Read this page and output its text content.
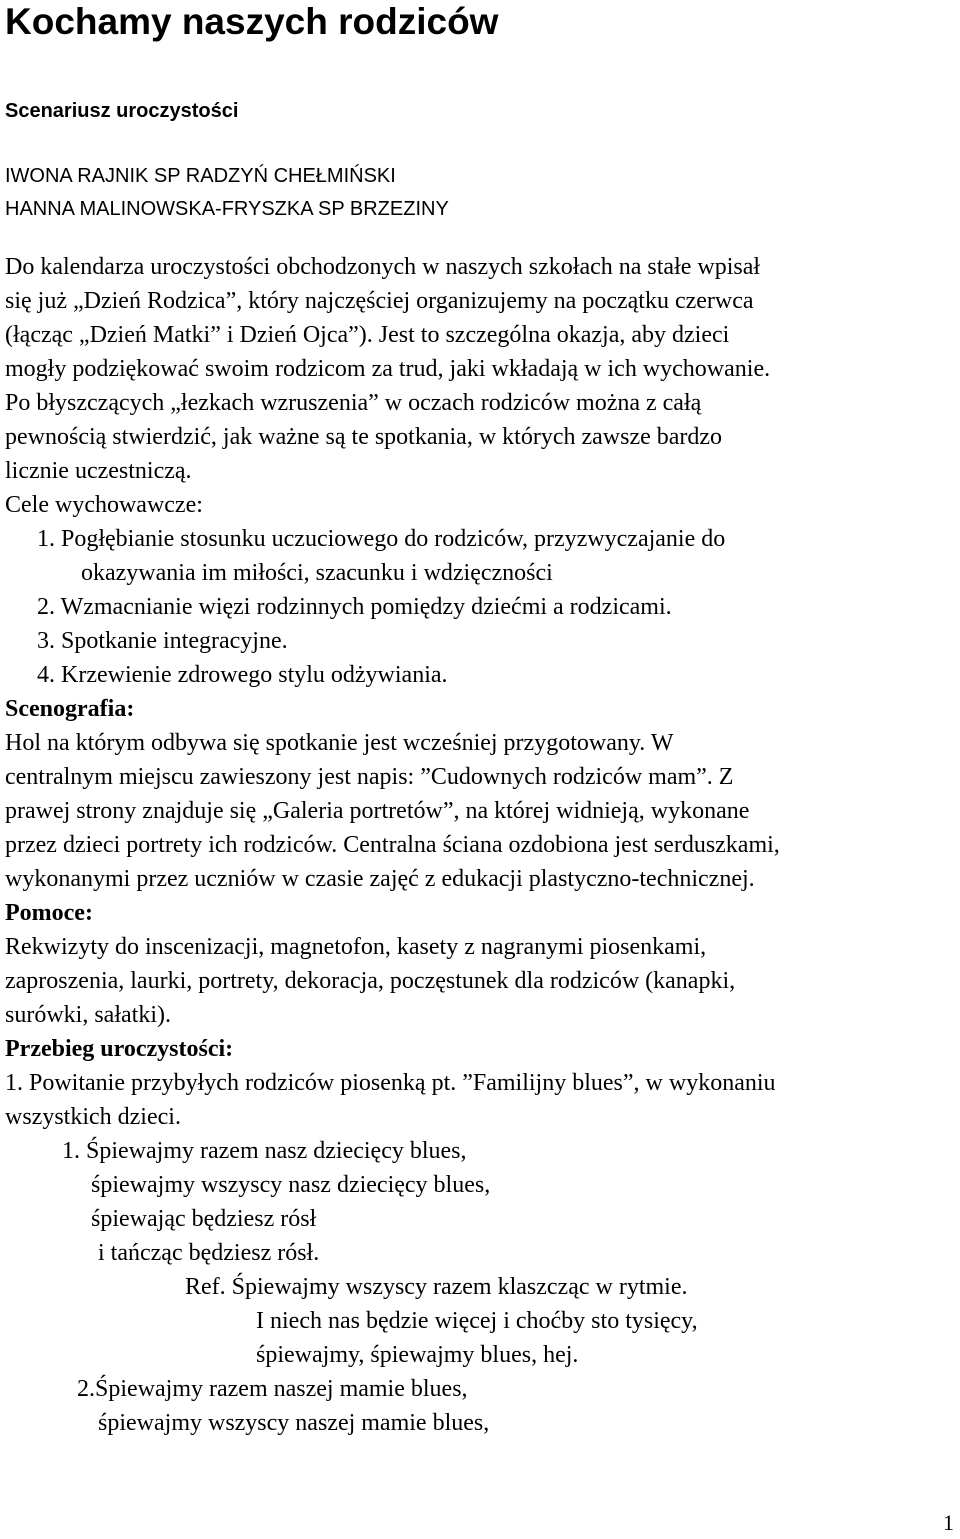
Kochamy naszych rodziców
Scenariusz uroczystości
IWONA RAJNIK SP RADZYŃ CHEŁMIŃSKI
HANNA MALINOWSKA-FRYSZKA SP BRZEZINY
Do kalendarza uroczystości obchodzonych w naszych szkołach na stałe wpisał
się już „Dzień Rodzica”, który najczęściej organizujemy na początku czerwca
(łącząc „Dzień Matki” i Dzień Ojca”). Jest to szczególna okazja, aby dzieci
mogły podziękować swoim rodzicom za trud, jaki wkładają w ich wychowanie.
Po błyszczących „łezkach wzruszenia” w oczach rodziców można z całą
pewnością stwierdzić, jak ważne są te spotkania, w których zawsze bardzo
licznie uczestniczą.
Cele wychowawcze:
1. Pogłębianie stosunku uczuciowego do rodziców, przyzwyczajanie do
okazywania im miłości, szacunku i wdzięczności
2. Wzmacnianie więzi rodzinnych pomiędzy dziećmi a rodzicami.
3. Spotkanie integracyjne.
4. Krzewienie zdrowego stylu odżywiania.
Scenografia:
Hol na którym odbywa się spotkanie jest wcześniej przygotowany. W
centralnym miejscu zawieszony jest napis: ”Cudownych rodziców mam”. Z
prawej strony znajduje się „Galeria portretów”, na której widnieją, wykonane
przez dzieci portrety ich rodziców. Centralna ściana ozdobiona jest serduszkami,
wykonanymi przez uczniów w czasie zajęć z edukacji plastyczno-technicznej.
Pomoce:
Rekwizyty do inscenizacji, magnetofon, kasety z nagranymi piosenkami,
zaproszenia, laurki, portrety, dekoracja, poczęstunek dla rodziców (kanapki,
surówki, sałatki).
Przebieg uroczystości:
1. Powitanie przybyłych rodziców piosenką pt. ”Familijny blues”, w wykonaniu
wszystkich dzieci.
1. Śpiewajmy razem nasz dziecięcy blues,
śpiewajmy wszyscy nasz dziecięcy blues,
śpiewając będziesz rósł
i tańcząc będziesz rósł.
Ref. Śpiewajmy wszyscy razem klaszcząc w rytmie.
I niech nas będzie więcej i choćby sto tysięcy,
śpiewajmy, śpiewajmy blues, hej.
2.Śpiewajmy razem naszej mamie blues,
śpiewajmy wszyscy naszej mamie blues,
1
